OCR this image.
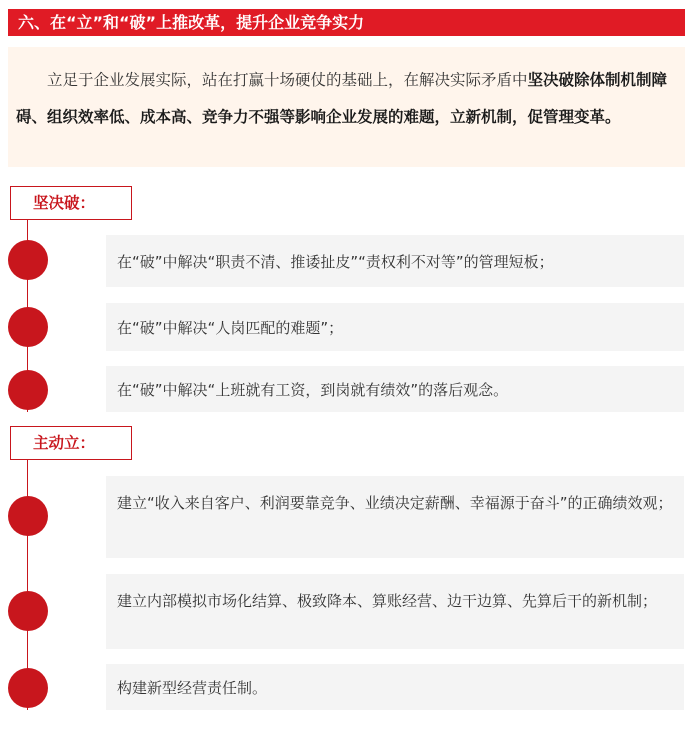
六、在“立”和“破”上推改革，提升企业竞争实力
立足于企业发展实际，站在打赢十场硬仗的基础上，在解决实际矛盾中坚决破除体制机制障碍、组织效率低、成本高、竞争力不强等影响企业发展的难题，立新机制，促管理变革。
坚决破：
在“破”中解决“职责不清、推诿扯皮”“责权利不对等”的管理短板；
在“破”中解决“人岗匹配的难题”；
在“破”中解决“上班就有工资，到岗就有绩效”的落后观念。
主动立：
建立“收入来自客户、利润要靠竞争、业绩决定薪酬、幸福源于奋斗”的正确绩效观；
建立内部模拟市场化结算、极致降本、算账经营、边干边算、先算后干的新机制；
构建新型经营责任制。
